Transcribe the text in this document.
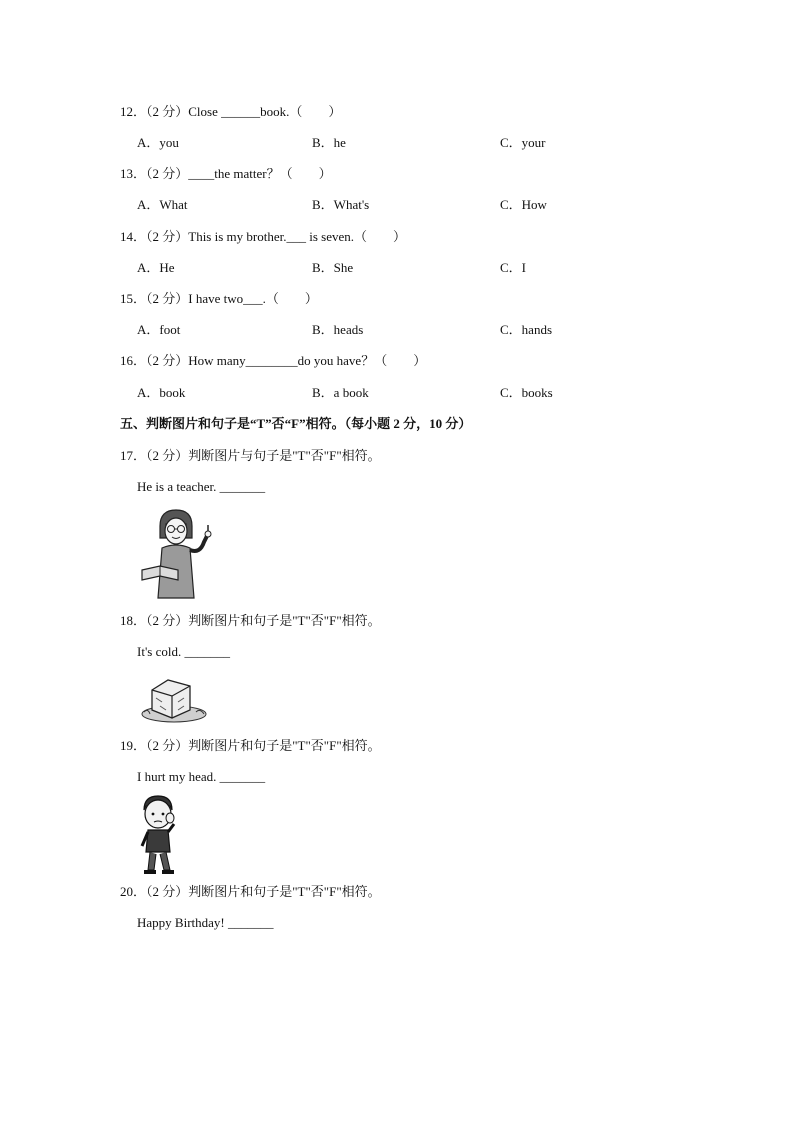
12．（2 分）Close ______book.（　　）
A．you	B．he	C．your
13．（2 分）____the matter？（　　）
A．What	B．What's	C．How
14．（2 分）This is my brother.___ is seven.（　　）
A．He	B．She	C．I
15．（2 分）I have two___.（　　）
A．foot	B．heads	C．hands
16．（2 分）How many________do you have？（　　）
A．book	B．a book	C．books
五、判断图片和句子是“T”否“F”相符。（每小题 2 分，10 分）
17．（2 分）判断图片与句子是"T"否"F"相符。
He is a teacher. _______
18．（2 分）判断图片和句子是"T"否"F"相符。
It's cold. _______
19．（2 分）判断图片和句子是"T"否"F"相符。
I hurt my head. _______
20．（2 分）判断图片和句子是"T"否"F"相符。
Happy Birthday! _______
